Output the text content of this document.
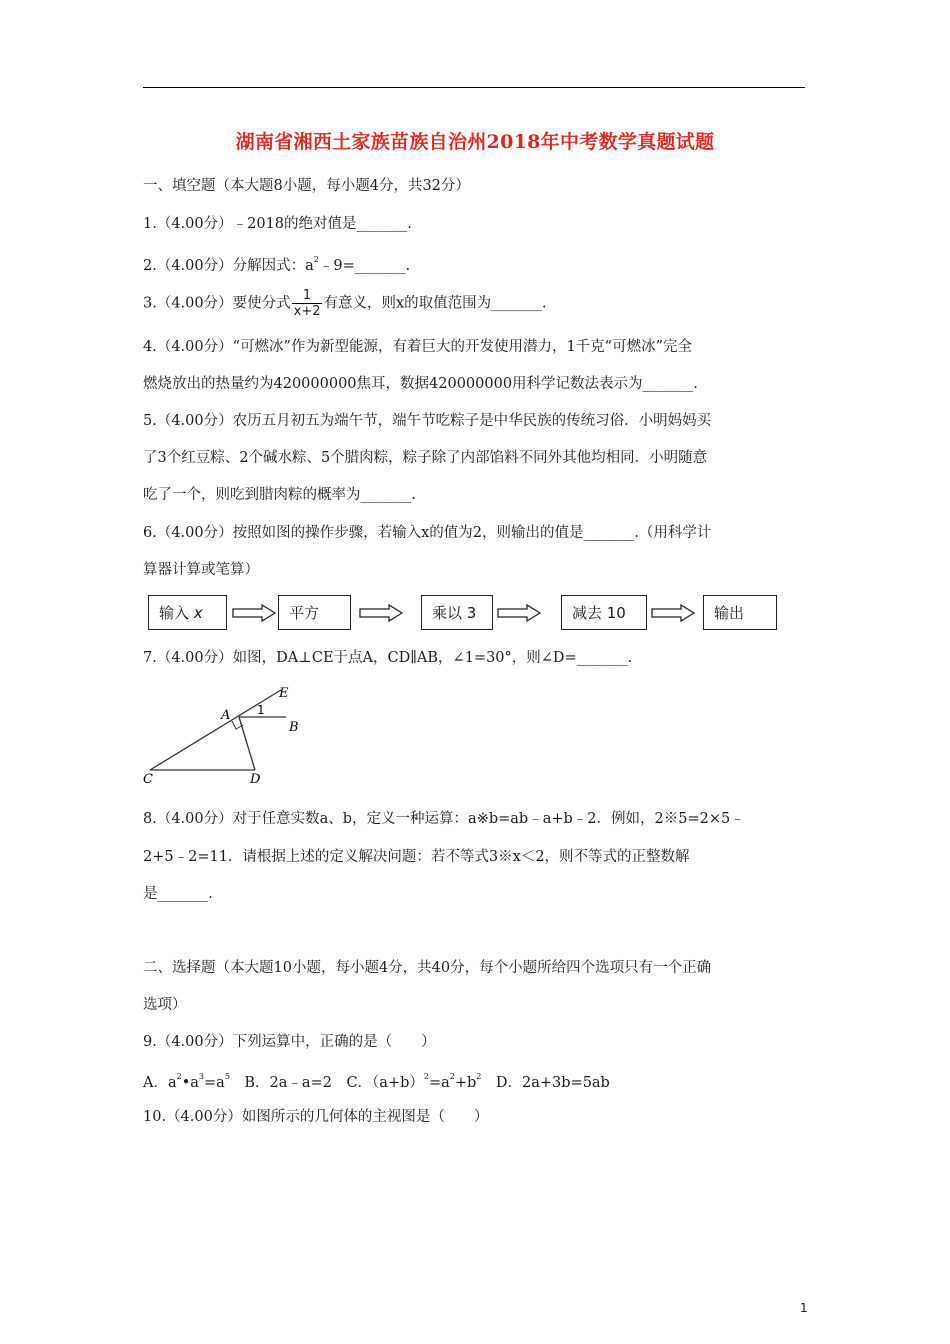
湖南省湘西土家族苗族自治州2018年中考数学真题试题
一、填空题（本大题8小题，每小题4分，共32分）
1.（4.00分）﹣2018的绝对值是_______.
2.（4.00分）分解因式：$a^2﹣9=\_\_\_\_\_\_\_$.
3.（4.00分）要使分式 $\frac{1}{x+2}$ 有意义，则x的取值范围为_______.
4.（4.00分）“可燃冰”作为新型能源，有着巨大的开发使用潜力，1千克“可燃冰”完全
燃烧放出的热量约为420000000焦耳，数据420000000用科学记数法表示为_______.
5.（4.00分）农历五月初五为端午节，端午节吃粽子是中华民族的传统习俗．小明妈妈买
了3个红豆粽、2个碱水粽、5个腊肉粽，粽子除了内部馅料不同外其他均相同．小明随意
吃了一个，则吃到腊肉粽的概率为_______.
6.（4.00分）按照如图的操作步骤，若输入x的值为2，则输出的值是_______.（用科学计
算器计算或笔算）
输入 x	平方	乘以 3	减去 10	输出
7.（4.00分）如图，DA⊥CE于点A，CD∥AB，∠1=30°，则∠D=_______.
E
A 1
B
C	D
8.（4.00分）对于任意实数a、b，定义一种运算：a※b=ab﹣a+b﹣2．例如，2※5=2×5﹣
2+5﹣2=11．请根据上述的定义解决问题：若不等式3※x＜2，则不等式的正整数解
是_______.
二、选择题（本大题10小题，每小题4分，共40分，每个小题所给四个选项只有一个正确
选项）
9.（4.00分）下列运算中，正确的是（　　）
A．$a^2•a^3=a^5$　B．2a﹣a=2　C．$(a+b)^2=a^2+b^2$　D．2a+3b=5ab
10.（4.00分）如图所示的几何体的主视图是（　　）
1
